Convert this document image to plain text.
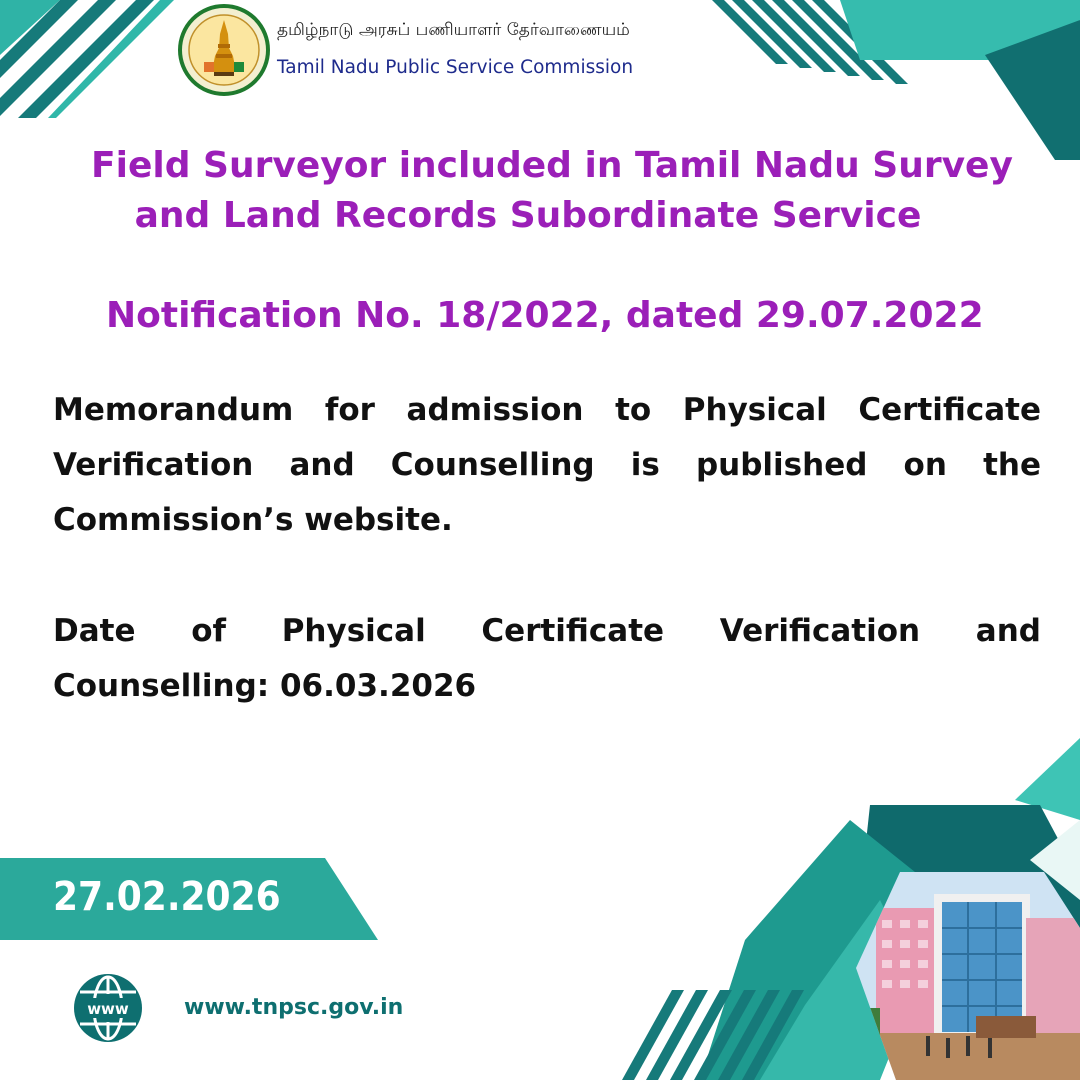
தமிழ்நாடு அரசுப் பணியாளர் தேர்வாணையம்
Tamil Nadu Public Service Commission
Field Surveyor included in Tamil Nadu Survey
and Land Records Subordinate Service
Notification No. 18/2022, dated 29.07.2022
Memorandum for admission to Physical Certificate Verification and Counselling is published on the Commission’s website.
Date of Physical Certificate Verification and Counselling: 06.03.2026
27.02.2026
www	www.tnpsc.gov.in
